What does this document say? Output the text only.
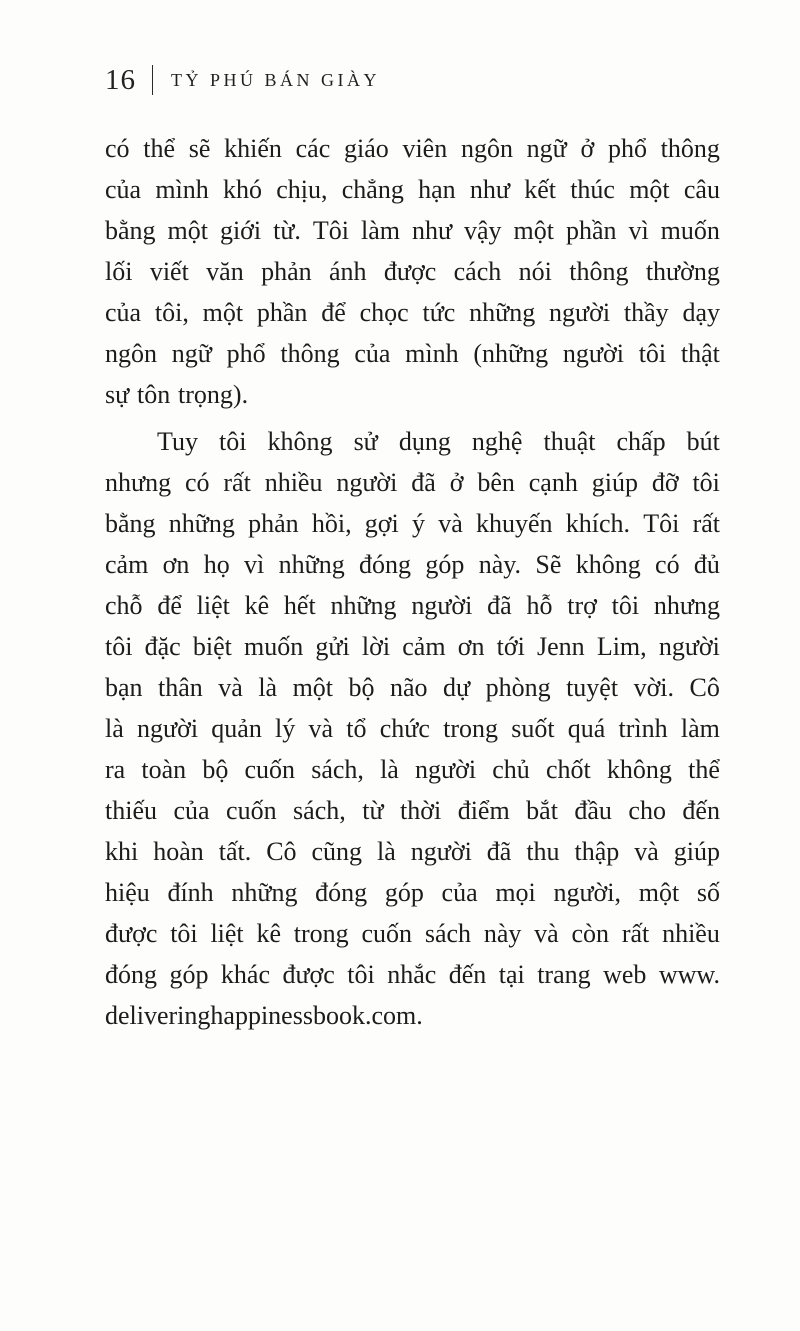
16 TỶ PHÚ BÁN GIÀY
có thể sẽ khiến các giáo viên ngôn ngữ ở phổ thông
của mình khó chịu, chẳng hạn như kết thúc một câu
bằng một giới từ. Tôi làm như vậy một phần vì muốn
lối viết văn phản ánh được cách nói thông thường
của tôi, một phần để chọc tức những người thầy dạy
ngôn ngữ phổ thông của mình (những người tôi thật
sự tôn trọng).
Tuy tôi không sử dụng nghệ thuật chấp bút
nhưng có rất nhiều người đã ở bên cạnh giúp đỡ tôi
bằng những phản hồi, gợi ý và khuyến khích. Tôi rất
cảm ơn họ vì những đóng góp này. Sẽ không có đủ
chỗ để liệt kê hết những người đã hỗ trợ tôi nhưng
tôi đặc biệt muốn gửi lời cảm ơn tới Jenn Lim, người
bạn thân và là một bộ não dự phòng tuyệt vời. Cô
là người quản lý và tổ chức trong suốt quá trình làm
ra toàn bộ cuốn sách, là người chủ chốt không thể
thiếu của cuốn sách, từ thời điểm bắt đầu cho đến
khi hoàn tất. Cô cũng là người đã thu thập và giúp
hiệu đính những đóng góp của mọi người, một số
được tôi liệt kê trong cuốn sách này và còn rất nhiều
đóng góp khác được tôi nhắc đến tại trang web www.
deliveringhappinessbook.com.
